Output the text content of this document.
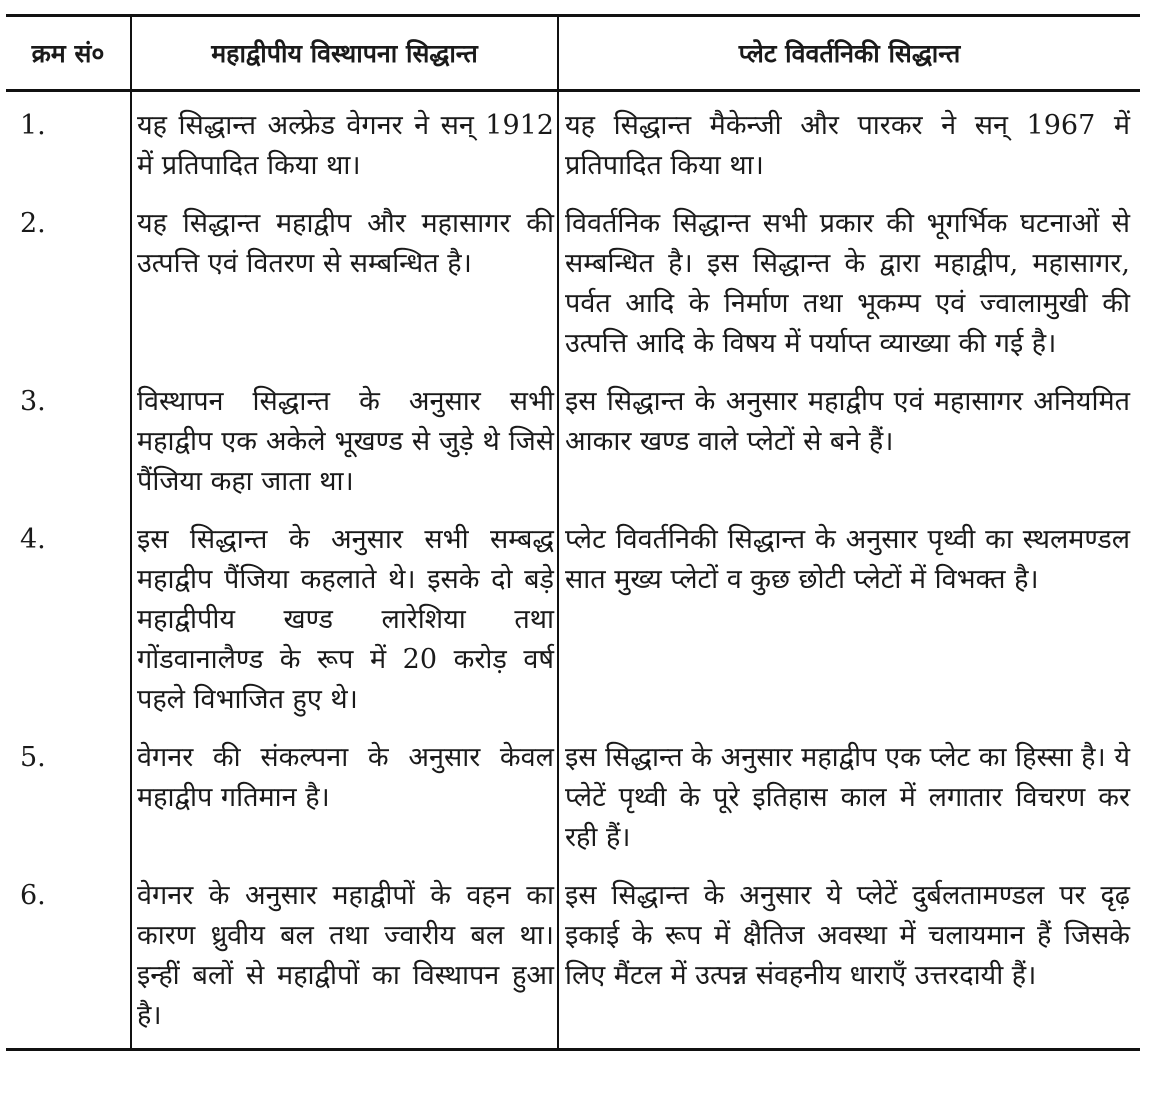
क्रम सं०	महाद्वीपीय विस्थापना सिद्धान्त	प्लेट विवर्तनिकी सिद्धान्त
1.	यह सिद्धान्त अल्फ्रेड वेगनर ने सन् 1912 में प्रतिपादित किया था।	यह सिद्धान्त मैकेन्जी और पारकर ने सन् 1967 में प्रतिपादित किया था।
2.	यह सिद्धान्त महाद्वीप और महासागर की उत्पत्ति एवं वितरण से सम्बन्धित है।	विवर्तनिक सिद्धान्त सभी प्रकार की भूगर्भिक घटनाओं से सम्बन्धित है। इस सिद्धान्त के द्वारा महाद्वीप, महासागर, पर्वत आदि के निर्माण तथा भूकम्प एवं ज्वालामुखी की उत्पत्ति आदि के विषय में पर्याप्त व्याख्या की गई है।
3.	विस्थापन सिद्धान्त के अनुसार सभी महाद्वीप एक अकेले भूखण्ड से जुड़े थे जिसे पैंजिया कहा जाता था।	इस सिद्धान्त के अनुसार महाद्वीप एवं महासागर अनियमित आकार खण्ड वाले प्लेटों से बने हैं।
4.	इस सिद्धान्त के अनुसार सभी सम्बद्ध महाद्वीप पैंजिया कहलाते थे। इसके दो बड़े महाद्वीपीय खण्ड लारेशिया तथा गोंडवानालैण्ड के रूप में 20 करोड़ वर्ष पहले विभाजित हुए थे।	प्लेट विवर्तनिकी सिद्धान्त के अनुसार पृथ्वी का स्थलमण्डल सात मुख्य प्लेटों व कुछ छोटी प्लेटों में विभक्त है।
5.	वेगनर की संकल्पना के अनुसार केवल महाद्वीप गतिमान है।	इस सिद्धान्त के अनुसार महाद्वीप एक प्लेट का हिस्सा है। ये प्लेटें पृथ्वी के पूरे इतिहास काल में लगातार विचरण कर रही हैं।
6.	वेगनर के अनुसार महाद्वीपों के वहन का कारण ध्रुवीय बल तथा ज्वारीय बल था। इन्हीं बलों से महाद्वीपों का विस्थापन हुआ है।	इस सिद्धान्त के अनुसार ये प्लेटें दुर्बलतामण्डल पर दृढ़ इकाई के रूप में क्षैतिज अवस्था में चलायमान हैं जिसके लिए मैंटल में उत्पन्न संवहनीय धाराएँ उत्तरदायी हैं।
